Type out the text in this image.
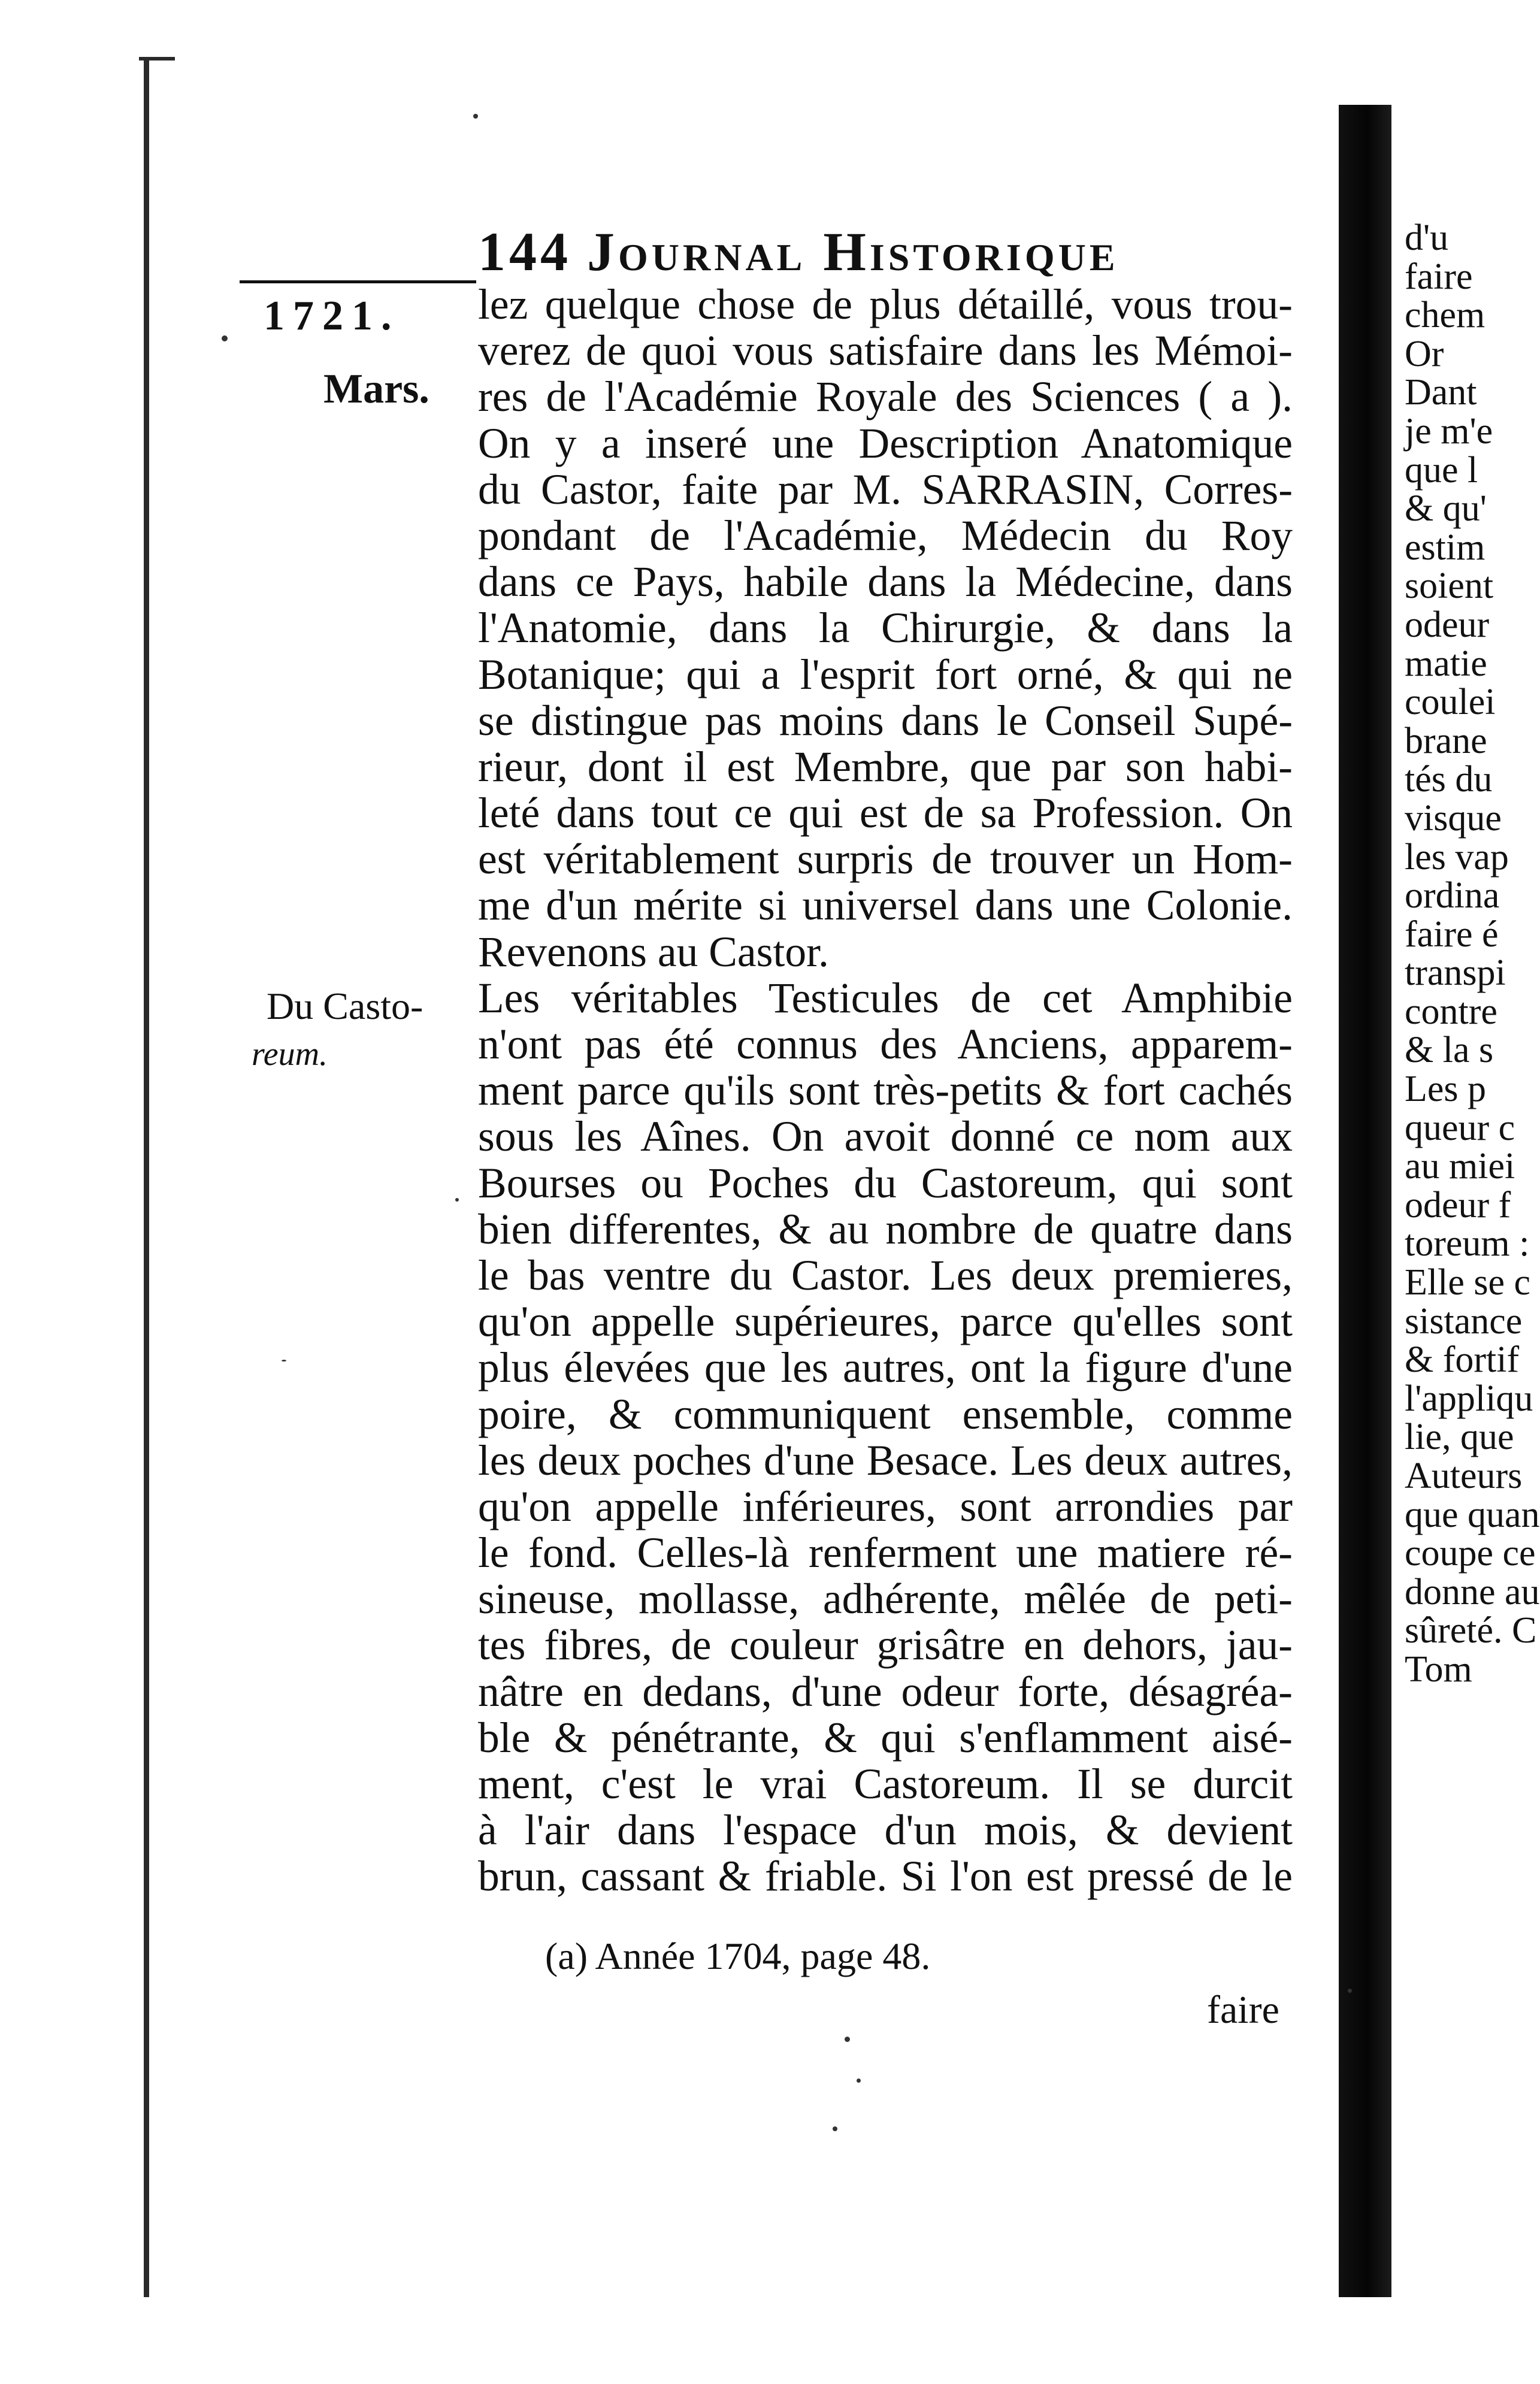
144 Journal Historique
1721.
Mars.
Du Casto-
reum.
lez quelque chose de plus détaillé, vous trou-
verez de quoi vous satisfaire dans les Mémoi-
res de l'Académie Royale des Sciences ( a ).
On y a inseré une Description Anatomique
du Castor, faite par M. SARRASIN, Corres-
pondant de l'Académie, Médecin du Roy
dans ce Pays, habile dans la Médecine, dans
l'Anatomie, dans la Chirurgie, & dans la
Botanique; qui a l'esprit fort orné, & qui ne
se distingue pas moins dans le Conseil Supé-
rieur, dont il est Membre, que par son habi-
leté dans tout ce qui est de sa Profession. On
est véritablement surpris de trouver un Hom-
me d'un mérite si universel dans une Colonie.
Revenons au Castor.
Les véritables Testicules de cet Amphibie
n'ont pas été connus des Anciens, apparem-
ment parce qu'ils sont très-petits & fort cachés
sous les Aînes. On avoit donné ce nom aux
Bourses ou Poches du Castoreum, qui sont
bien differentes, & au nombre de quatre dans
le bas ventre du Castor. Les deux premieres,
qu'on appelle supérieures, parce qu'elles sont
plus élevées que les autres, ont la figure d'une
poire, & communiquent ensemble, comme
les deux poches d'une Besace. Les deux autres,
qu'on appelle inférieures, sont arrondies par
le fond. Celles-là renferment une matiere ré-
sineuse, mollasse, adhérente, mêlée de peti-
tes fibres, de couleur grisâtre en dehors, jau-
nâtre en dedans, d'une odeur forte, désagréa-
ble & pénétrante, & qui s'enflamment aisé-
ment, c'est le vrai Castoreum. Il se durcit
à l'air dans l'espace d'un mois, & devient
brun, cassant & friable. Si l'on est pressé de le
(a) Année 1704, page 48.
faire
d'u
faire
chem
Or
Dant
je m'e
que l
& qu'
estim
soient
odeur
matie
coulei
brane
tés du
visque
les vap
ordina
faire é
transpi
contre
& la s
Les p
queur c
au miei
odeur f
toreum :
Elle se c
sistance
& fortif
l'appliqu
lie, que
Auteurs
que quan
coupe ce
donne au
sûreté. C
Tom
